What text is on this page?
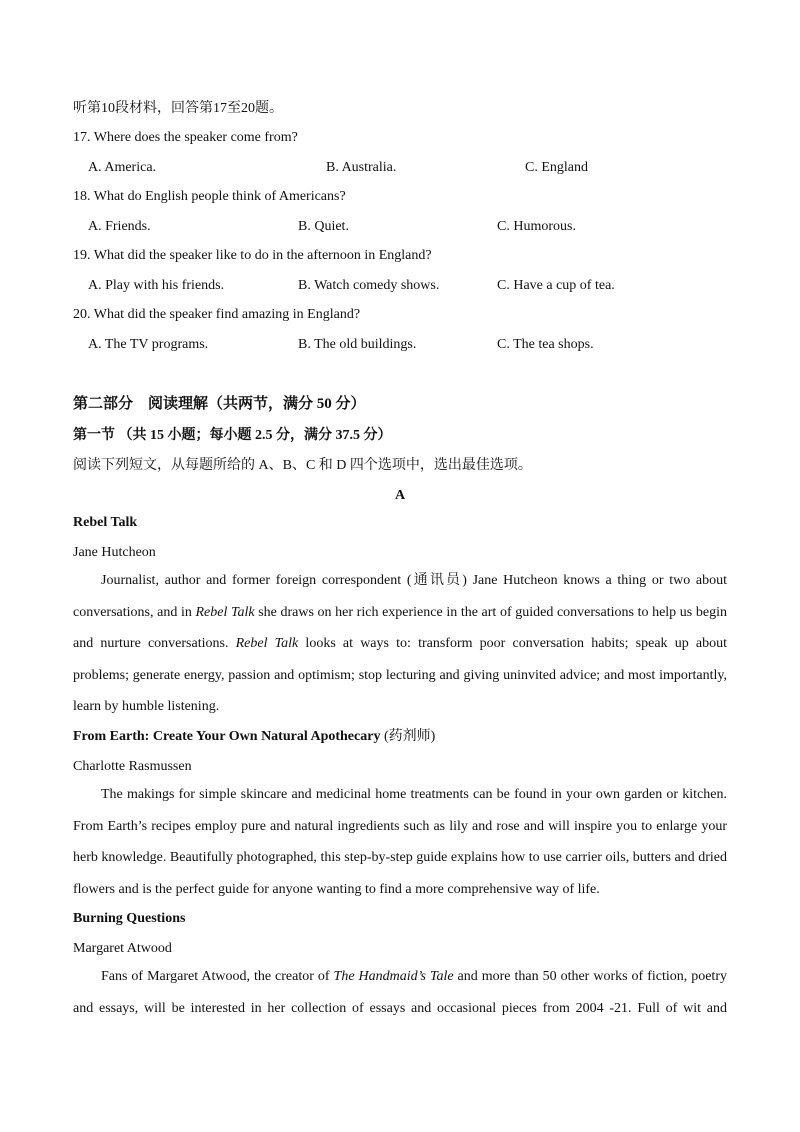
听第10段材料，回答第17至20题。
17. Where does the speaker come from?
A. America.	B. Australia.	C. England
18. What do English people think of Americans?
A. Friends.	B. Quiet.	C. Humorous.
19. What did the speaker like to do in the afternoon in England?
A. Play with his friends.	B. Watch comedy shows.	C. Have a cup of tea.
20. What did the speaker find amazing in England?
A. The TV programs.	B. The old buildings.	C. The tea shops.
第二部分　阅读理解（共两节，满分 50 分）
第一节 （共 15 小题；每小题 2.5 分，满分 37.5 分）
阅读下列短文，从每题所给的 A、B、C 和 D 四个选项中，选出最佳选项。
A
Rebel Talk
Jane Hutcheon

Journalist, author and former foreign correspondent (通讯员) Jane Hutcheon knows a thing or two about conversations, and in Rebel Talk she draws on her rich experience in the art of guided conversations to help us begin and nurture conversations. Rebel Talk looks at ways to: transform poor conversation habits; speak up about problems; generate energy, passion and optimism; stop lecturing and giving uninvited advice; and most importantly, learn by humble listening.

From Earth: Create Your Own Natural Apothecary (药剂师)
Charlotte Rasmussen

The makings for simple skincare and medicinal home treatments can be found in your own garden or kitchen. From Earth’s recipes employ pure and natural ingredients such as lily and rose and will inspire you to enlarge your herb knowledge. Beautifully photographed, this step-by-step guide explains how to use carrier oils, butters and dried flowers and is the perfect guide for anyone wanting to find a more comprehensive way of life.

Burning Questions
Margaret Atwood

Fans of Margaret Atwood, the creator of The Handmaid’s Tale and more than 50 other works of fiction, poetry and essays, will be interested in her collection of essays and occasional pieces from 2004 -21. Full of wit and
